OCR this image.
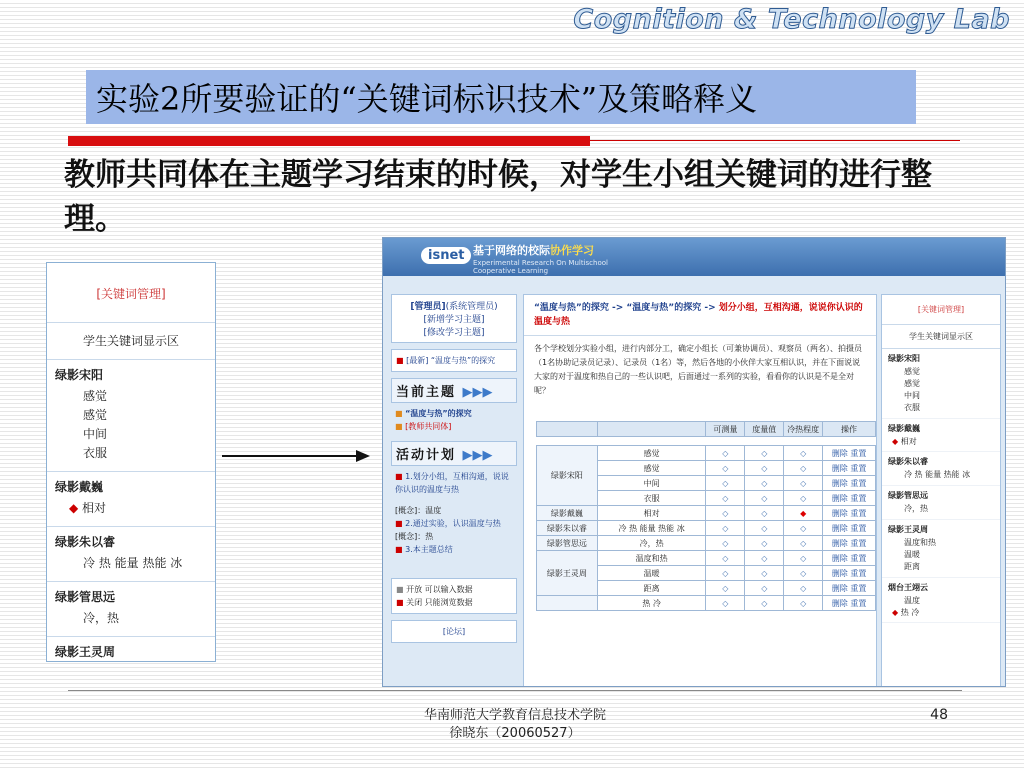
Cognition & Technology Lab
实验2所要验证的“关键词标识技术”及策略释义
教师共同体在主题学习结束的时候，对学生小组关键词的进行整理。
[关键词管理]
学生关键词显示区
绿影宋阳
感觉
感觉
中间
衣服
绿影戴巍
◆ 相对
绿影朱以睿
冷 热 能量 热能 冰
绿影管思远
冷，热
绿影王灵周
isnet 基于网络的校际协作学习
Experimental Research On Multischool
Cooperative Learning
[管理员](系统管理员)
[新增学习主题]
[修改学习主题]
■ [最新] “温度与热”的探究
当前主题 ▶▶▶
■ “温度与热”的探究
■ [教师共同体]
活动计划 ▶▶▶
■ 1.划分小组，互相沟通，说说你认识的温度与热
[概念]：温度
■ 2.通过实验，认识温度与热
[概念]：热
■ 3.本主题总结
■ 开放 可以输入数据
■ 关闭 只能浏览数据
[论坛]
“温度与热”的探究 -> “温度与热”的探究 -> 划分小组，互相沟通，说说你认识的温度与热
各个学校划分实验小组，进行内部分工，确定小组长（可兼协调员）、观察员（两名）、拍摄员（1名协助记录员记录）、记录员（1名）等，然后各地的小伙伴大家互相认识，并在下面说说大家的对于温度和热自己的一些认识吧，后面通过一系列的实验，看看你的认识是不是全对呢？
		可测量	度量值	冷热程度	操作

绿影宋阳	感觉	◇	◇	◇	删除 重置
	感觉	◇	◇	◇	删除 重置
	中间	◇	◇	◇	删除 重置
	衣服	◇	◇	◇	删除 重置
绿影戴巍	相对	◇	◇	◆	删除 重置
绿影朱以睿	冷 热 能量 热能 冰	◇	◇	◇	删除 重置
绿影管思远	冷，热	◇	◇	◇	删除 重置
绿影王灵周	温度和热	◇	◇	◇	删除 重置
	温暖	◇	◇	◇	删除 重置
	距离	◇	◇	◇	删除 重置
	热 冷	◇	◇	◇	删除 重置
[关键词管理]
学生关键词显示区
绿影宋阳
感觉
感觉
中间
衣服
绿影戴巍
◆ 相对
绿影朱以睿
冷 热 能量 热能 冰
绿影管思远
冷，热
绿影王灵周
温度和热
温暖
距离
烟台王翊云
温度
◆ 热 冷
华南师范大学教育信息技术学院
徐晓东（20060527）
48
